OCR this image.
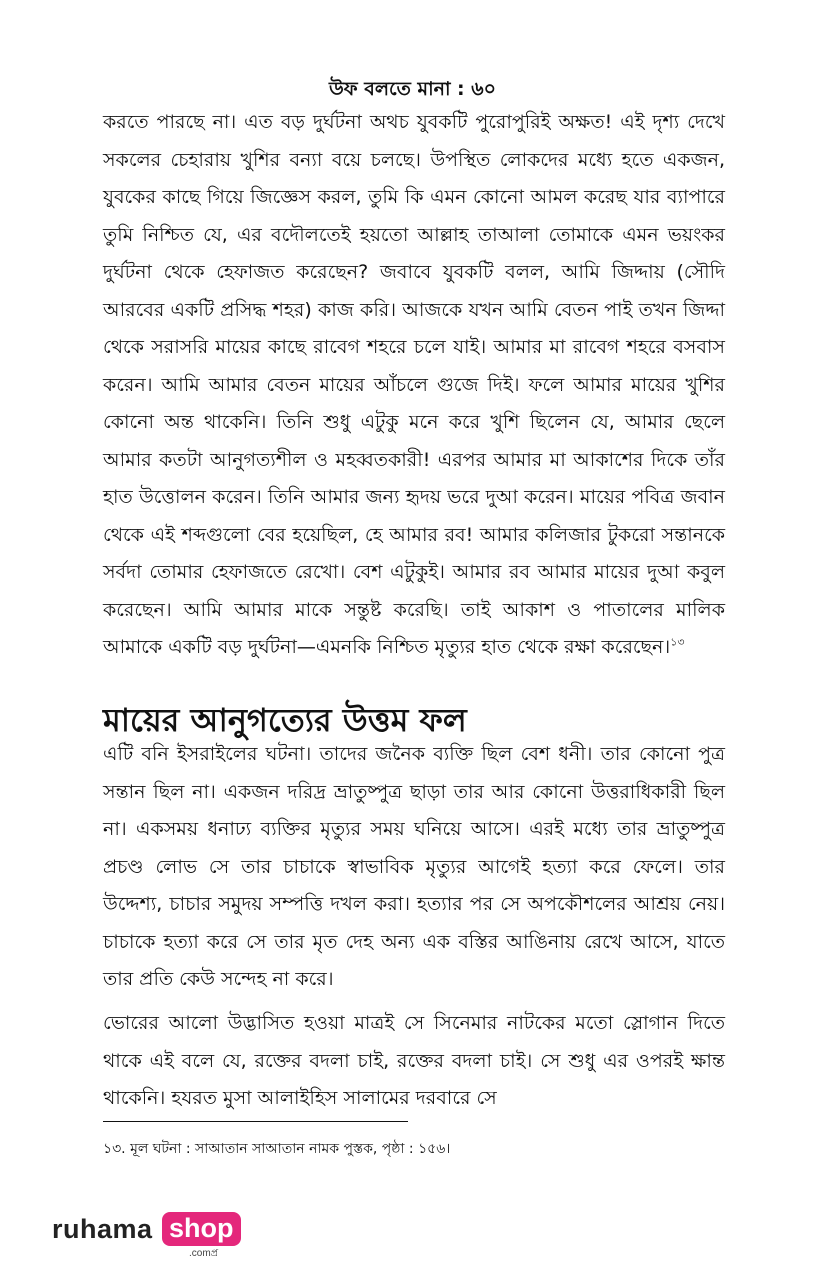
উফ বলতে মানা : ৬০

করতে পারছে না। এত বড় দুর্ঘটনা অথচ যুবকটি পুরোপুরিই অক্ষত! এই দৃশ্য দেখে সকলের চেহারায় খুশির বন্যা বয়ে চলছে। উপস্থিত লোকদের মধ্যে হতে একজন, যুবকের কাছে গিয়ে জিজ্ঞেস করল, তুমি কি এমন কোনো আমল করেছ যার ব্যাপারে তুমি নিশ্চিত যে, এর বদৌলতেই হয়তো আল্লাহ তাআলা তোমাকে এমন ভয়ংকর দুর্ঘটনা থেকে হেফাজত করেছেন? জবাবে যুবকটি বলল, আমি জিদ্দায় (সৌদি আরবের একটি প্রসিদ্ধ শহর) কাজ করি। আজকে যখন আমি বেতন পাই তখন জিদ্দা থেকে সরাসরি মায়ের কাছে রাবেগ শহরে চলে যাই। আমার মা রাবেগ শহরে বসবাস করেন। আমি আমার বেতন মায়ের আঁচলে গুজে দিই। ফলে আমার মায়ের খুশির কোনো অন্ত থাকেনি। তিনি শুধু এটুকু মনে করে খুশি ছিলেন যে, আমার ছেলে আমার কতটা আনুগত্যশীল ও মহব্বতকারী! এরপর আমার মা আকাশের দিকে তাঁর হাত উত্তোলন করেন। তিনি আমার জন্য হৃদয় ভরে দুআ করেন। মায়ের পবিত্র জবান থেকে এই শব্দগুলো বের হয়েছিল, হে আমার রব! আমার কলিজার টুকরো সন্তানকে সর্বদা তোমার হেফাজতে রেখো। বেশ এটুকুই। আমার রব আমার মায়ের দুআ কবুল করেছেন। আমি আমার মাকে সন্তুষ্ট করেছি। তাই আকাশ ও পাতালের মালিক আমাকে একটি বড় দুর্ঘটনা—এমনকি নিশ্চিত মৃত্যুর হাত থেকে রক্ষা করেছেন।$^{১৩}$

মায়ের আনুগত্যের উত্তম ফল

এটি বনি ইসরাইলের ঘটনা। তাদের জনৈক ব্যক্তি ছিল বেশ ধনী। তার কোনো পুত্র সন্তান ছিল না। একজন দরিদ্র ভ্রাতুষ্পুত্র ছাড়া তার আর কোনো উত্তরাধিকারী ছিল না। একসময় ধনাঢ্য ব্যক্তির মৃত্যুর সময় ঘনিয়ে আসে। এরই মধ্যে তার ভ্রাতুষ্পুত্র প্রচণ্ড লোভ সে তার চাচাকে স্বাভাবিক মৃত্যুর আগেই হত্যা করে ফেলে। তার উদ্দেশ্য, চাচার সমুদয় সম্পত্তি দখল করা। হত্যার পর সে অপকৌশলের আশ্রয় নেয়। চাচাকে হত্যা করে সে তার মৃত দেহ অন্য এক বস্তির আঙিনায় রেখে আসে, যাতে তার প্রতি কেউ সন্দেহ না করে।

ভোরের আলো উদ্ভাসিত হওয়া মাত্রই সে সিনেমার নাটকের মতো স্লোগান দিতে থাকে এই বলে যে, রক্তের বদলা চাই, রক্তের বদলা চাই। সে শুধু এর ওপরই ক্ষান্ত থাকেনি। হযরত মুসা আলাইহিস সালামের দরবারে সে

১৩. মূল ঘটনা : সাআতান সাআতান নামক পুস্তক, পৃষ্ঠা : ১৫৬।

ruhama shop
.comপ্র
